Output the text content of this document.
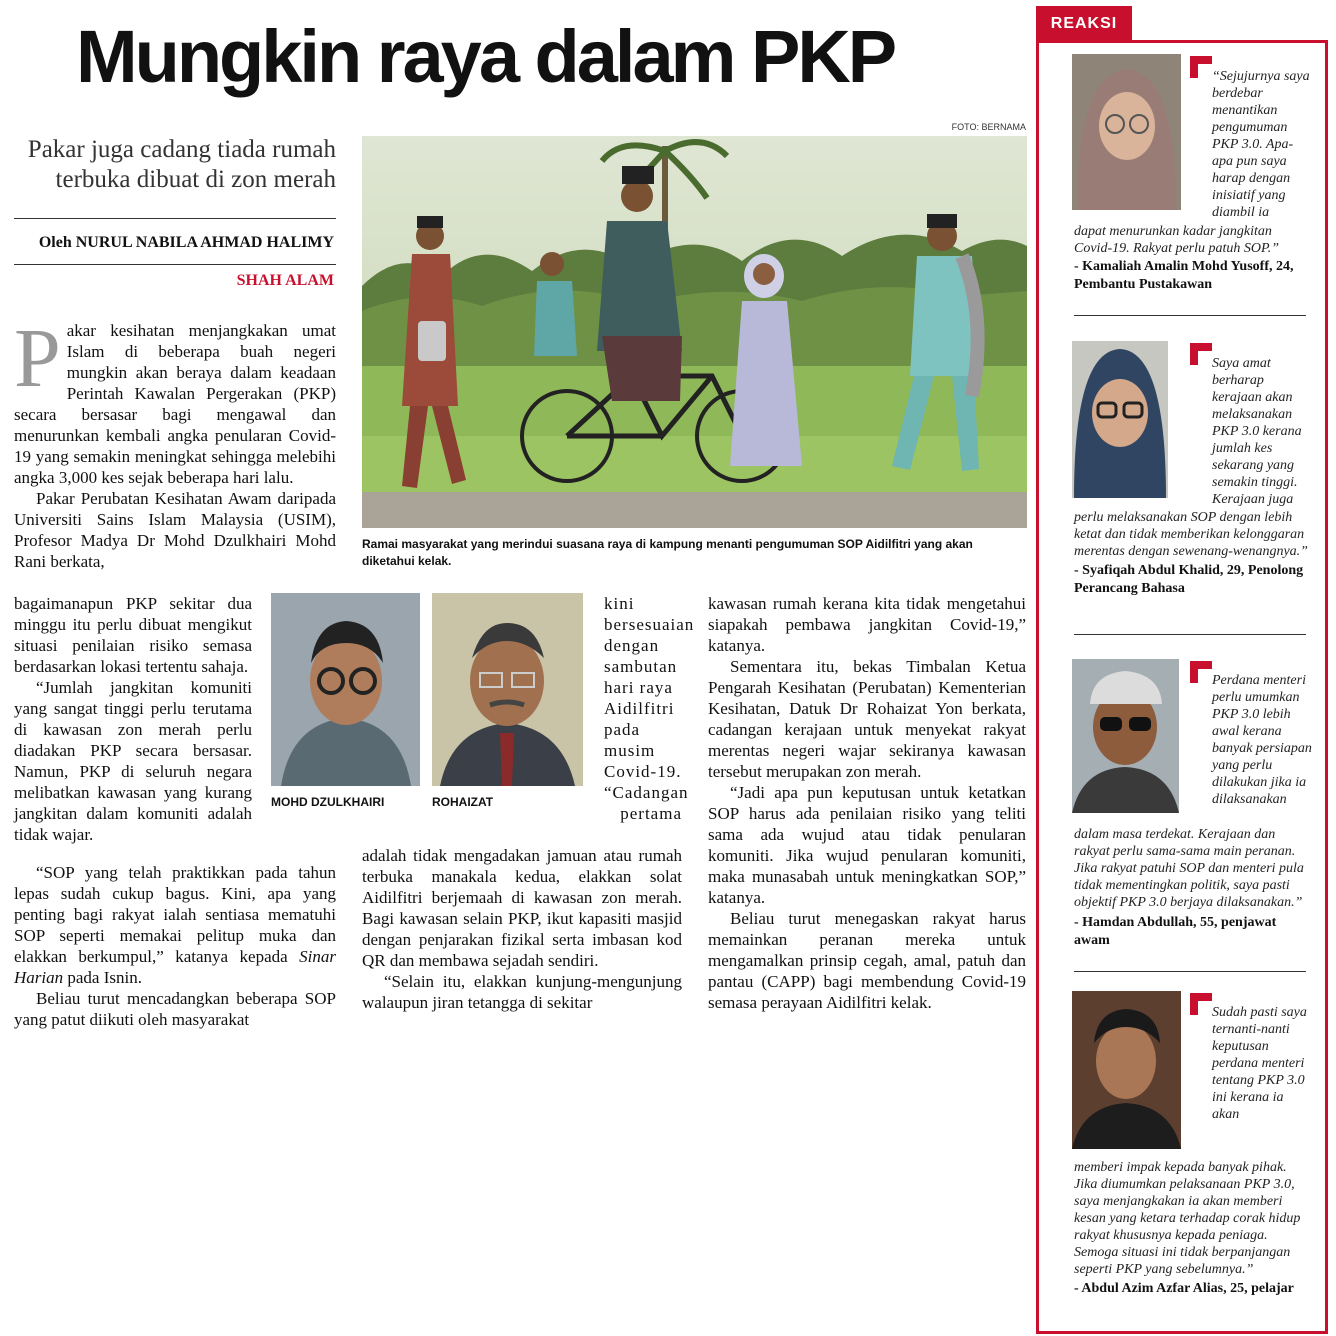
Mungkin raya dalam PKP
Pakar juga cadang tiada rumah terbuka dibuat di zon merah
Oleh NURUL NABILA AHMAD HALIMY
SHAH ALAM
FOTO: BERNAMA
Ramai masyarakat yang merindui suasana raya di kampung menanti pengumuman SOP Aidilfitri yang akan diketahui kelak.

Pakar kesihatan menjangkakan umat Islam di beberapa buah negeri mungkin akan beraya dalam keadaan Perintah Kawalan Pergerakan (PKP) secara bersasar bagi mengawal dan menurunkan kembali angka penularan Covid-19 yang semakin meningkat sehingga melebihi angka 3,000 kes sejak beberapa hari lalu.

Pakar Perubatan Kesihatan Awam daripada Universiti Sains Islam Malaysia (USIM), Profesor Madya Dr Mohd Dzulkhairi Mohd Rani berkata,

bagaimanapun PKP sekitar dua minggu itu perlu dibuat mengikut situasi penilaian risiko semasa berdasarkan lokasi tertentu sahaja.

“Jumlah jangkitan komuniti yang sangat tinggi perlu terutama di kawasan zon merah perlu diadakan PKP secara bersasar. Namun, PKP di seluruh negara melibatkan kawasan yang kurang jangkitan dalam komuniti adalah tidak wajar.

“SOP yang telah praktikkan pada tahun lepas sudah cukup bagus. Kini, apa yang penting bagi rakyat ialah sentiasa mematuhi SOP seperti memakai pelitup muka dan elakkan berkumpul,” katanya kepada Sinar Harian pada Isnin.

Beliau turut mencadangkan beberapa SOP yang patut diikuti oleh masyarakat

MOHD DZULKHAIRI	ROHAIZAT

kini bersesuaian dengan sambutan hari raya Aidilfitri pada musim Covid-19.

“Cadangan pertama

adalah tidak mengadakan jamuan atau rumah terbuka manakala kedua, elakkan solat Aidilfitri berjemaah di kawasan zon merah. Bagi kawasan selain PKP, ikut kapasiti masjid dengan penjarakan fizikal serta imbasan kod QR dan membawa sejadah sendiri.

“Selain itu, elakkan kunjung-mengunjung walaupun jiran tetangga di sekitar

kawasan rumah kerana kita tidak mengetahui siapakah pembawa jangkitan Covid-19,” katanya.

Sementara itu, bekas Timbalan Ketua Pengarah Kesihatan (Perubatan) Kementerian Kesihatan, Datuk Dr Rohaizat Yon berkata, cadangan kerajaan untuk menyekat rakyat merentas negeri wajar sekiranya kawasan tersebut merupakan zon merah.

“Jadi apa pun keputusan untuk ketatkan SOP harus ada penilaian risiko yang teliti sama ada wujud atau tidak penularan komuniti. Jika wujud penularan komuniti, maka munasabah untuk meningkatkan SOP,” katanya.

Beliau turut menegaskan rakyat harus memainkan peranan mereka untuk mengamalkan prinsip cegah, amal, patuh dan pantau (CAPP) bagi membendung Covid-19 semasa perayaan Aidilfitri kelak.

REAKSI
“Sejujurnya saya berdebar menantikan pengumuman PKP 3.0. Apa-apa pun saya harap dengan inisiatif yang diambil ia
dapat menurunkan kadar jangkitan Covid-19. Rakyat perlu patuh SOP.”
- Kamaliah Amalin Mohd Yusoff, 24, Pembantu Pustakawan
Saya amat berharap kerajaan akan melaksanakan PKP 3.0 kerana jumlah kes sekarang yang semakin tinggi. Kerajaan juga
perlu melaksanakan SOP dengan lebih ketat dan tidak memberikan kelonggaran merentas dengan sewenang-wenangnya.”
- Syafiqah Abdul Khalid, 29, Penolong Perancang Bahasa
Perdana menteri perlu umumkan PKP 3.0 lebih awal kerana banyak persiapan yang perlu dilakukan jika ia dilaksanakan
dalam masa terdekat. Kerajaan dan rakyat perlu sama-sama main peranan. Jika rakyat patuhi SOP dan menteri pula tidak mementingkan politik, saya pasti objektif PKP 3.0 berjaya dilaksanakan.”
- Hamdan Abdullah, 55, penjawat awam
Sudah pasti saya ternanti-nanti keputusan perdana menteri tentang PKP 3.0 ini kerana ia akan
memberi impak kepada banyak pihak. Jika diumumkan pelaksanaan PKP 3.0, saya menjangkakan ia akan memberi kesan yang ketara terhadap corak hidup rakyat khususnya kepada peniaga. Semoga situasi ini tidak berpanjangan seperti PKP yang sebelumnya.”
- Abdul Azim Azfar Alias, 25, pelajar
